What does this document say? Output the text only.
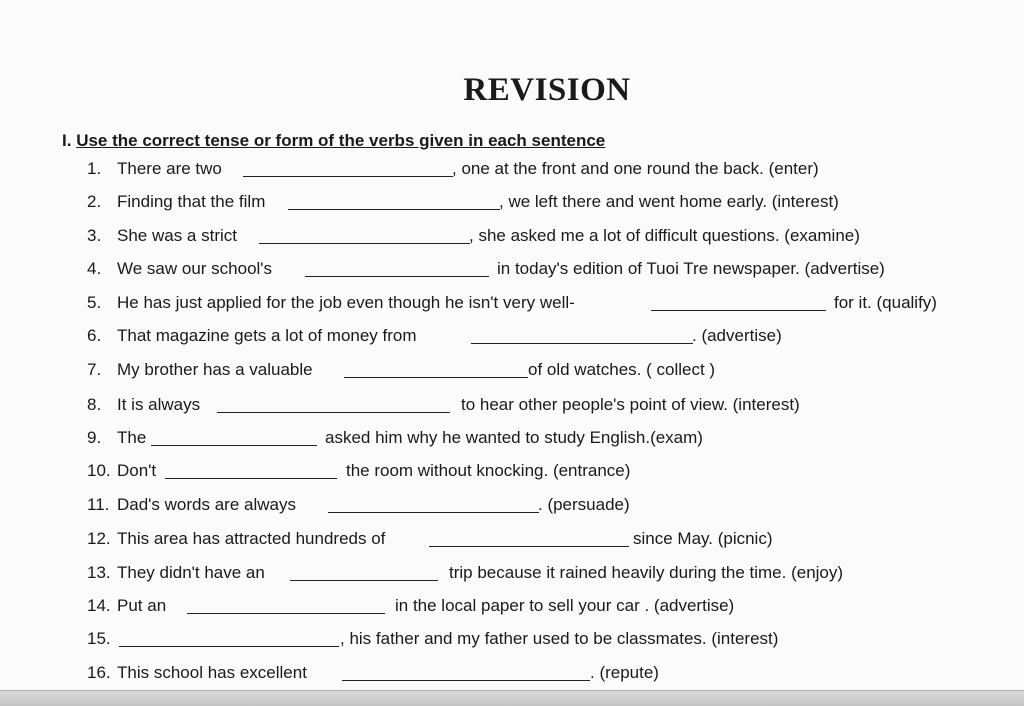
REVISION
I. Use the correct tense or form of the verbs given in each sentence
1. There are two	, one at the front and one round the back. (enter)
2. Finding that the film	, we left there and went home early. (interest)
3. She was a strict	, she asked me a lot of difficult questions. (examine)
4. We saw our school's	in today's edition of Tuoi Tre newspaper. (advertise)
5. He has just applied for the job even though he isn't very well-	for it. (qualify)
6. That magazine gets a lot of money from	. (advertise)
7. My brother has a valuable	of old watches. ( collect )
8. It is always	to hear other people's point of view. (interest)
9. The	asked him why he wanted to study English.(exam)
10. Don't	the room without knocking. (entrance)
11. Dad's words are always	. (persuade)
12. This area has attracted hundreds of	since May. (picnic)
13. They didn't have an	trip because it rained heavily during the time. (enjoy)
14. Put an	in the local paper to sell your car . (advertise)
15.	, his father and my father used to be classmates. (interest)
16. This school has excellent	. (repute)
